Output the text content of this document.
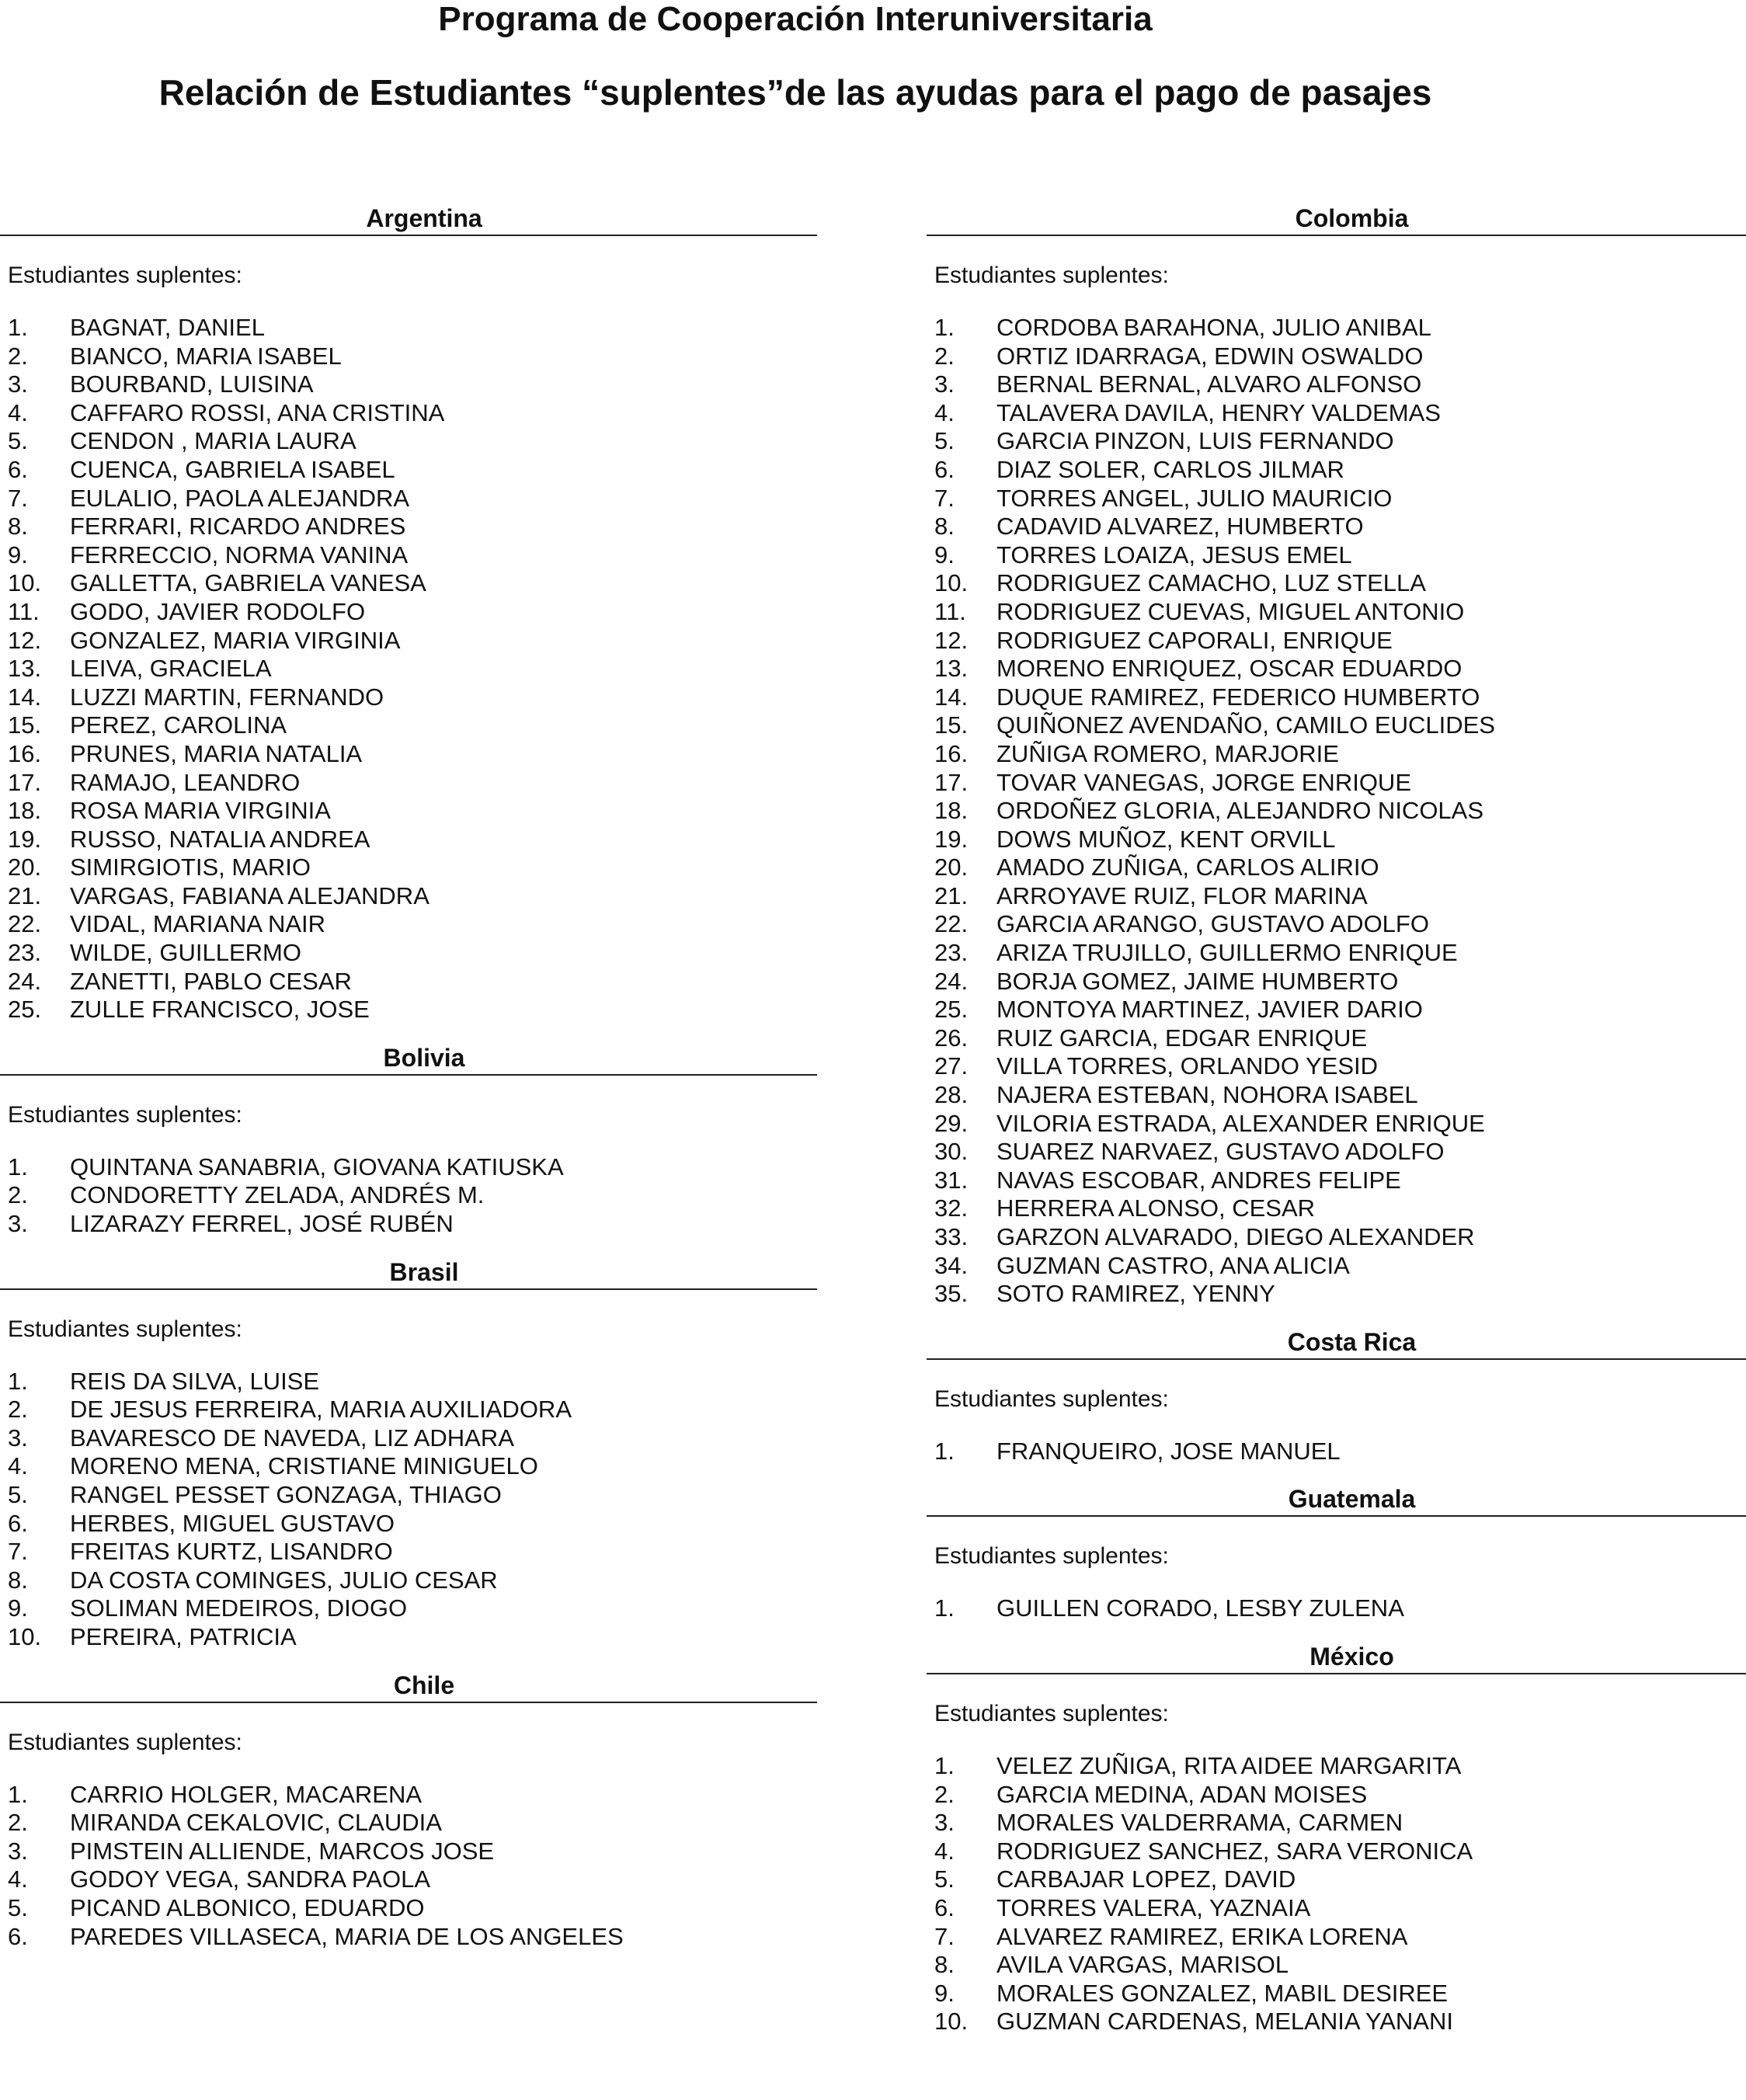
Programa de Cooperación Interuniversitaria
Relación de Estudiantes “suplentes”de las ayudas para el pago de pasajes
Argentina
Estudiantes suplentes:
1.	BAGNAT, DANIEL
2.	BIANCO, MARIA ISABEL
3.	BOURBAND, LUISINA
4.	CAFFARO ROSSI, ANA CRISTINA
5.	CENDON , MARIA LAURA
6.	CUENCA, GABRIELA ISABEL
7.	EULALIO, PAOLA ALEJANDRA
8.	FERRARI, RICARDO ANDRES
9.	FERRECCIO, NORMA VANINA
10.	GALLETTA, GABRIELA VANESA
11.	GODO, JAVIER RODOLFO
12.	GONZALEZ, MARIA VIRGINIA
13.	LEIVA, GRACIELA
14.	LUZZI MARTIN, FERNANDO
15.	PEREZ, CAROLINA
16.	PRUNES, MARIA NATALIA
17.	RAMAJO, LEANDRO
18.	ROSA MARIA VIRGINIA
19.	RUSSO, NATALIA ANDREA
20.	SIMIRGIOTIS, MARIO
21.	VARGAS, FABIANA ALEJANDRA
22.	VIDAL, MARIANA NAIR
23.	WILDE, GUILLERMO
24.	ZANETTI, PABLO CESAR
25.	ZULLE FRANCISCO, JOSE
Bolivia
Estudiantes suplentes:
1.	QUINTANA SANABRIA, GIOVANA KATIUSKA
2.	CONDORETTY ZELADA, ANDRÉS M.
3.	LIZARAZY FERREL, JOSÉ RUBÉN
Brasil
Estudiantes suplentes:
1.	REIS DA SILVA, LUISE
2.	DE JESUS FERREIRA, MARIA AUXILIADORA
3.	BAVARESCO DE NAVEDA, LIZ ADHARA
4.	MORENO MENA, CRISTIANE MINIGUELO
5.	RANGEL PESSET GONZAGA, THIAGO
6.	HERBES, MIGUEL GUSTAVO
7.	FREITAS KURTZ, LISANDRO
8.	DA COSTA COMINGES, JULIO CESAR
9.	SOLIMAN MEDEIROS, DIOGO
10.	PEREIRA, PATRICIA
Chile
Estudiantes suplentes:
1.	CARRIO HOLGER, MACARENA
2.	MIRANDA CEKALOVIC, CLAUDIA
3.	PIMSTEIN ALLIENDE, MARCOS JOSE
4.	GODOY VEGA, SANDRA PAOLA
5.	PICAND ALBONICO, EDUARDO
6.	PAREDES VILLASECA, MARIA DE LOS ANGELES
Colombia
Estudiantes suplentes:
1.	CORDOBA BARAHONA, JULIO ANIBAL
2.	ORTIZ IDARRAGA, EDWIN OSWALDO
3.	BERNAL BERNAL, ALVARO ALFONSO
4.	TALAVERA DAVILA, HENRY VALDEMAS
5.	GARCIA PINZON, LUIS FERNANDO
6.	DIAZ SOLER, CARLOS JILMAR
7.	TORRES ANGEL, JULIO MAURICIO
8.	CADAVID ALVAREZ, HUMBERTO
9.	TORRES LOAIZA, JESUS EMEL
10.	RODRIGUEZ CAMACHO, LUZ STELLA
11.	RODRIGUEZ CUEVAS, MIGUEL ANTONIO
12.	RODRIGUEZ CAPORALI, ENRIQUE
13.	MORENO ENRIQUEZ, OSCAR EDUARDO
14.	DUQUE RAMIREZ, FEDERICO HUMBERTO
15.	QUIÑONEZ AVENDAÑO, CAMILO EUCLIDES
16.	ZUÑIGA ROMERO, MARJORIE
17.	TOVAR VANEGAS, JORGE ENRIQUE
18.	ORDOÑEZ GLORIA, ALEJANDRO NICOLAS
19.	DOWS MUÑOZ, KENT ORVILL
20.	AMADO ZUÑIGA, CARLOS ALIRIO
21.	ARROYAVE RUIZ, FLOR MARINA
22.	GARCIA ARANGO, GUSTAVO ADOLFO
23.	ARIZA TRUJILLO, GUILLERMO ENRIQUE
24.	BORJA GOMEZ, JAIME HUMBERTO
25.	MONTOYA MARTINEZ, JAVIER DARIO
26.	RUIZ GARCIA, EDGAR ENRIQUE
27.	VILLA TORRES, ORLANDO YESID
28.	NAJERA ESTEBAN, NOHORA ISABEL
29.	VILORIA ESTRADA, ALEXANDER ENRIQUE
30.	SUAREZ NARVAEZ, GUSTAVO ADOLFO
31.	NAVAS ESCOBAR, ANDRES FELIPE
32.	HERRERA ALONSO, CESAR
33.	GARZON ALVARADO, DIEGO ALEXANDER
34.	GUZMAN CASTRO, ANA ALICIA
35.	SOTO RAMIREZ, YENNY
Costa Rica
Estudiantes suplentes:
1.	FRANQUEIRO, JOSE MANUEL
Guatemala
Estudiantes suplentes:
1.	GUILLEN CORADO, LESBY ZULENA
México
Estudiantes suplentes:
1.	VELEZ ZUÑIGA, RITA AIDEE MARGARITA
2.	GARCIA MEDINA, ADAN MOISES
3.	MORALES VALDERRAMA, CARMEN
4.	RODRIGUEZ SANCHEZ, SARA VERONICA
5.	CARBAJAR LOPEZ, DAVID
6.	TORRES VALERA, YAZNAIA
7.	ALVAREZ RAMIREZ, ERIKA LORENA
8.	AVILA VARGAS, MARISOL
9.	MORALES GONZALEZ, MABIL DESIREE
10.	GUZMAN CARDENAS, MELANIA YANANI
